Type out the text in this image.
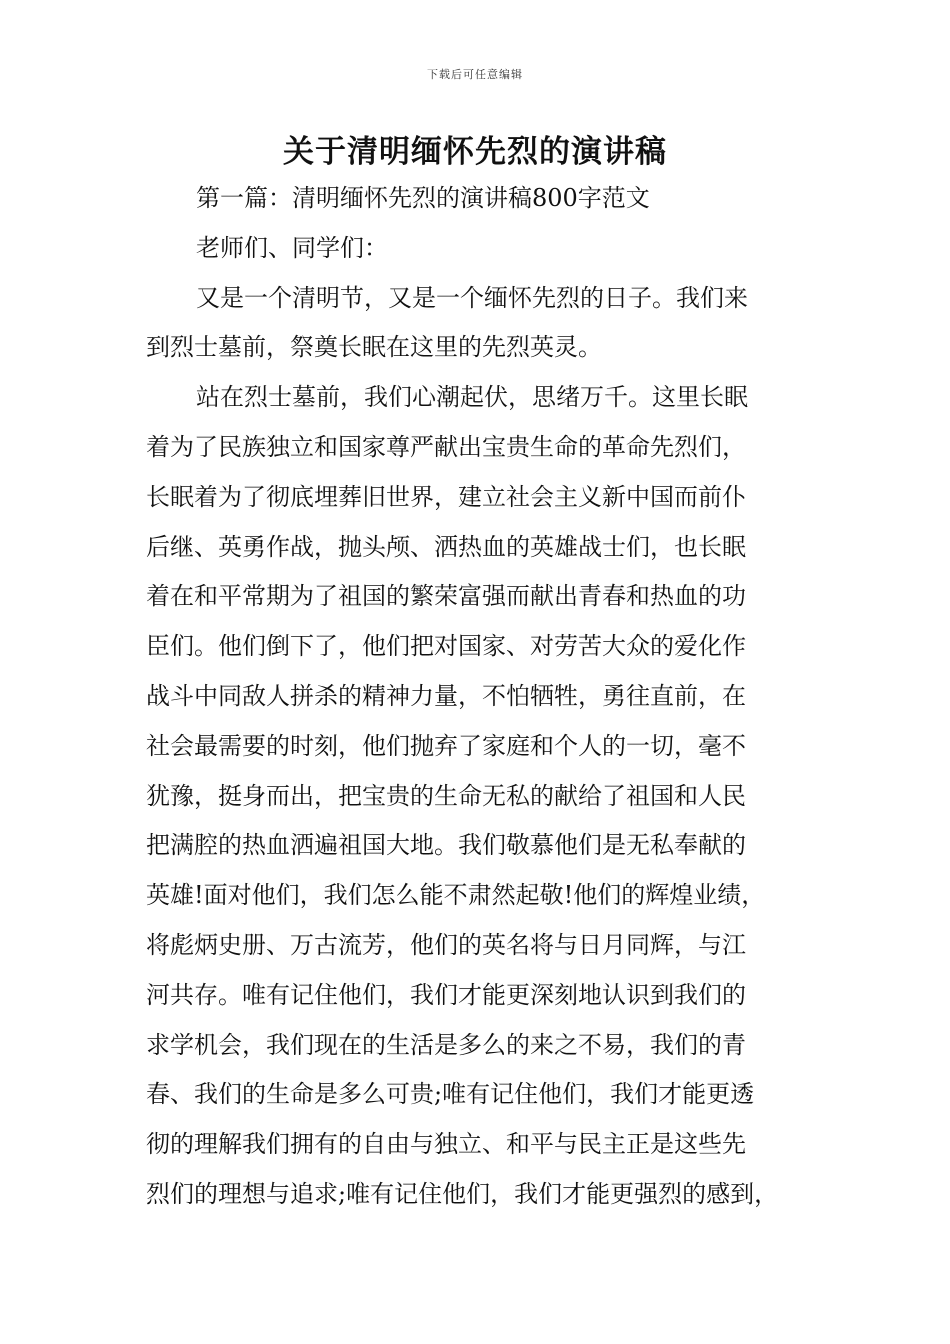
下载后可任意编辑
关于清明缅怀先烈的演讲稿
第一篇：清明缅怀先烈的演讲稿800字范文
老师们、同学们：
又是一个清明节，又是一个缅怀先烈的日子。我们来
到烈士墓前，祭奠长眠在这里的先烈英灵。
站在烈士墓前，我们心潮起伏，思绪万千。这里长眠
着为了民族独立和国家尊严献出宝贵生命的革命先烈们，
长眠着为了彻底埋葬旧世界，建立社会主义新中国而前仆
后继、英勇作战，抛头颅、洒热血的英雄战士们，也长眠
着在和平常期为了祖国的繁荣富强而献出青春和热血的功
臣们。他们倒下了，他们把对国家、对劳苦大众的爱化作
战斗中同敌人拼杀的精神力量，不怕牺牲，勇往直前，在
社会最需要的时刻，他们抛弃了家庭和个人的一切，毫不
犹豫，挺身而出，把宝贵的生命无私的献给了祖国和人民
把满腔的热血洒遍祖国大地。我们敬慕他们是无私奉献的
英雄!面对他们，我们怎么能不肃然起敬!他们的辉煌业绩，
将彪炳史册、万古流芳，他们的英名将与日月同辉，与江
河共存。唯有记住他们，我们才能更深刻地认识到我们的
求学机会，我们现在的生活是多么的来之不易，我们的青
春、我们的生命是多么可贵;唯有记住他们，我们才能更透
彻的理解我们拥有的自由与独立、和平与民主正是这些先
烈们的理想与追求;唯有记住他们，我们才能更强烈的感到，
